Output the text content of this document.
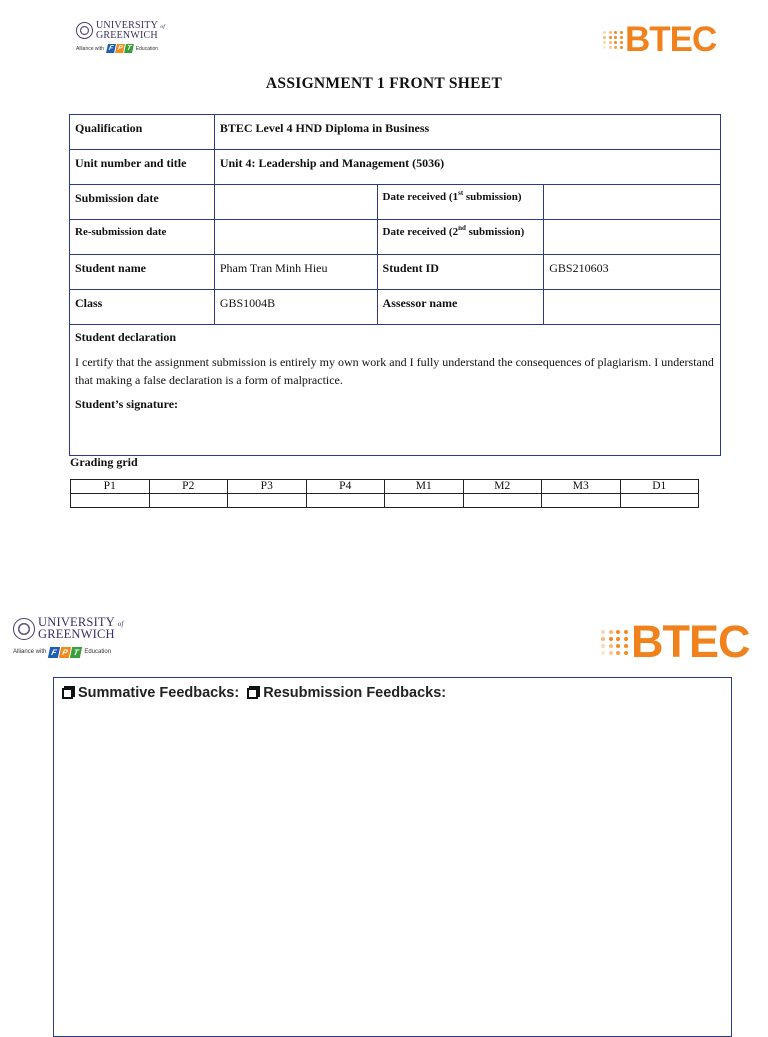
UNIVERSITY of
GREENWICH
Alliance with F P T Education	BTEC
ASSIGNMENT 1 FRONT SHEET
Qualification	BTEC Level 4 HND Diploma in Business		
Unit number and title	Unit 4: Leadership and Management (5036)		
Submission date		Date received (1st submission)	
Re-submission date		Date received (2nd submission)	
Student name	Pham Tran Minh Hieu	Student ID	GBS210603
Class	GBS1004B	Assessor name	

Student declaration
I certify that the assignment submission is entirely my own work and I fully understand the consequences of plagiarism. I understand that making a false declaration is a form of malpractice.
Student’s signature:			
Grading grid
P1	P2	P3	P4	M1	M2	M3	D1

UNIVERSITY of
GREENWICH
Alliance with F P T Education	BTEC
Summative Feedbacks: Resubmission Feedbacks:
